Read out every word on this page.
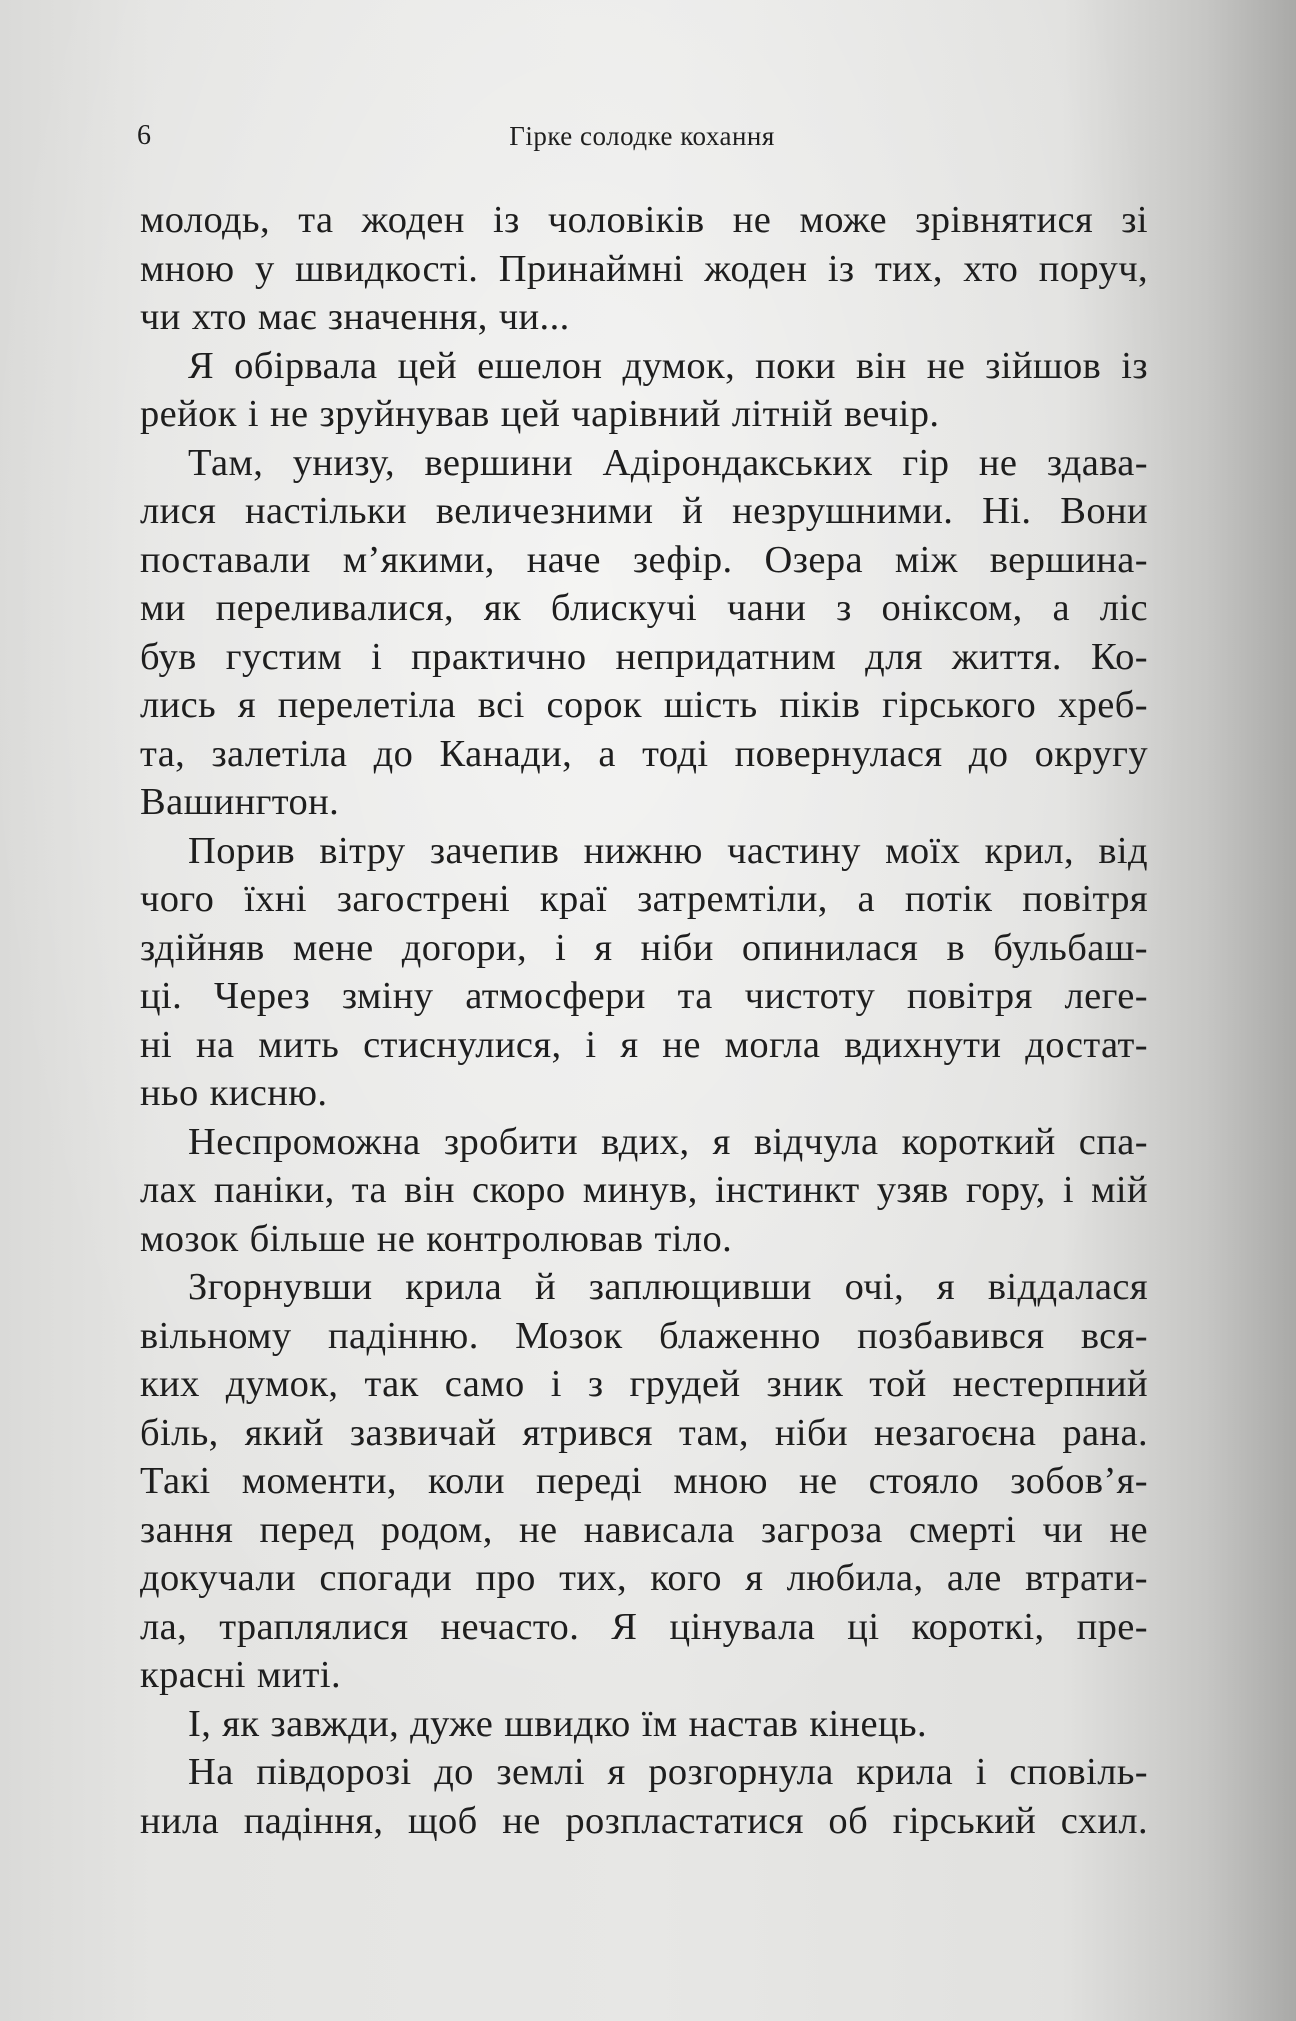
6	Гірке солодке кохання
молодь, та жоден із чоловіків не може зрівнятися зі
мною у швидкості. Принаймні жоден із тих, хто поруч,
чи хто має значення, чи...
Я обірвала цей ешелон думок, поки він не зійшов із
рейок і не зруйнував цей чарівний літній вечір.
Там, унизу, вершини Адірондакських гір не здава-
лися настільки величезними й незрушними. Ні. Вони
поставали м’якими, наче зефір. Озера між вершина-
ми переливалися, як блискучі чани з оніксом, а ліс
був густим і практично непридатним для життя. Ко-
лись я перелетіла всі сорок шість піків гірського хреб-
та, залетіла до Канади, а тоді повернулася до округу
Вашингтон.
Порив вітру зачепив нижню частину моїх крил, від
чого їхні загострені краї затремтіли, а потік повітря
здійняв мене догори, і я ніби опинилася в бульбаш-
ці. Через зміну атмосфери та чистоту повітря леге-
ні на мить стиснулися, і я не могла вдихнути достат-
ньо кисню.
Неспроможна зробити вдих, я відчула короткий спа-
лах паніки, та він скоро минув, інстинкт узяв гору, і мій
мозок більше не контролював тіло.
Згорнувши крила й заплющивши очі, я віддалася
вільному падінню. Мозок блаженно позбавився вся-
ких думок, так само і з грудей зник той нестерпний
біль, який зазвичай ятрився там, ніби незагоєна рана.
Такі моменти, коли переді мною не стояло зобов’я-
зання перед родом, не нависала загроза смерті чи не
докучали спогади про тих, кого я любила, але втрати-
ла, траплялися нечасто. Я цінувала ці короткі, пре-
красні миті.
І, як завжди, дуже швидко їм настав кінець.
На півдорозі до землі я розгорнула крила і сповіль-
нила падіння, щоб не розпластатися об гірський схил.
